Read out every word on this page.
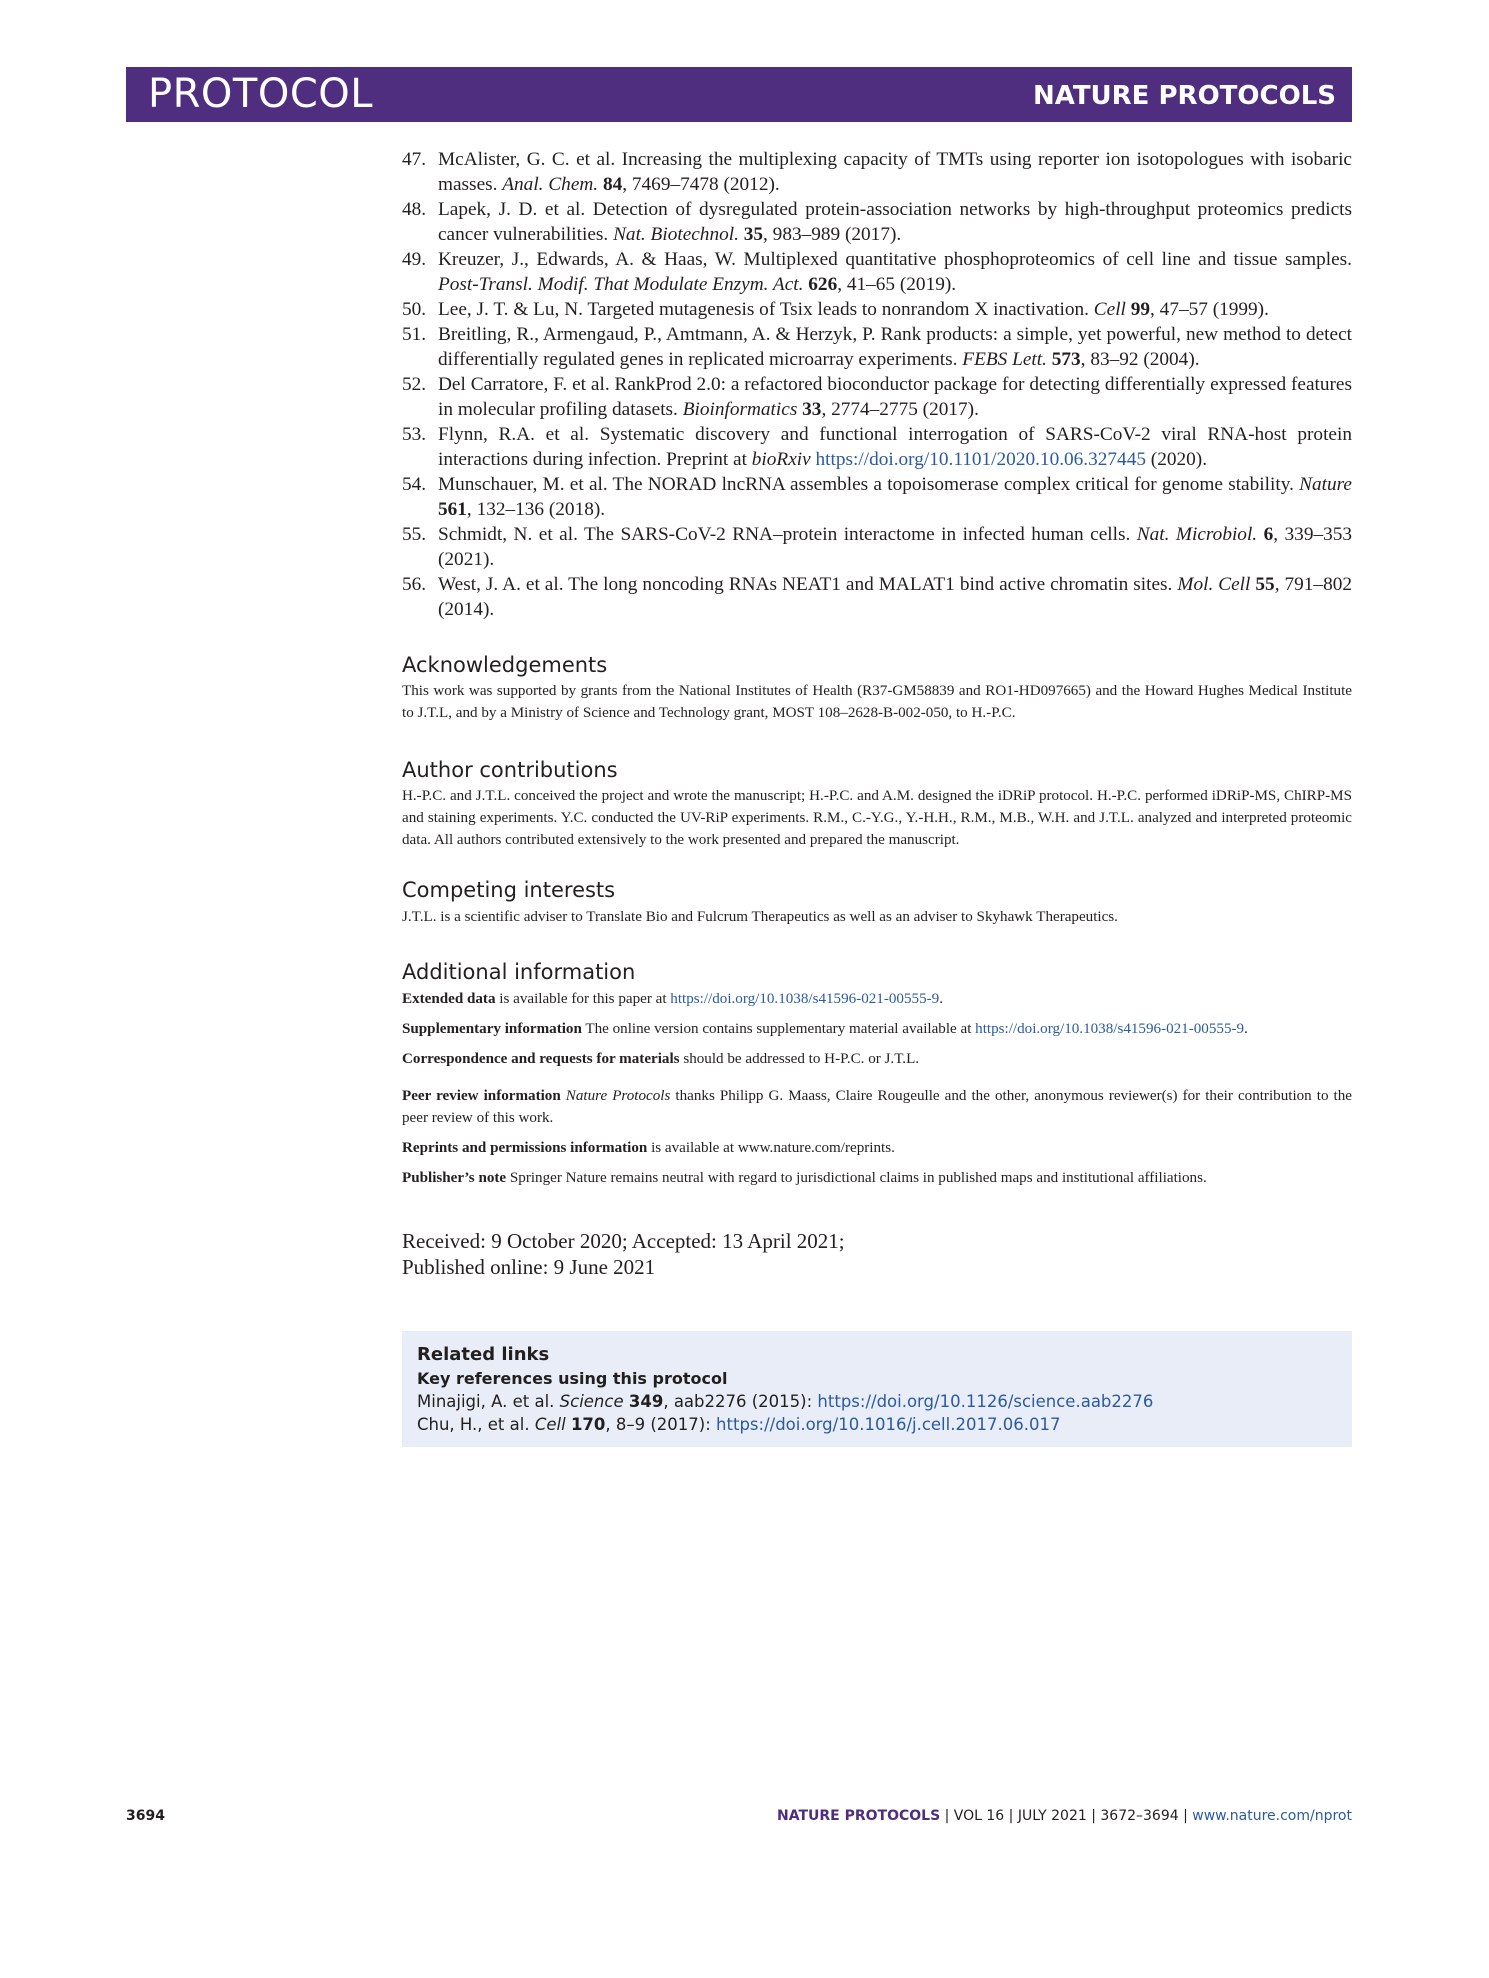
PROTOCOL	NATURE PROTOCOLS
47. McAlister, G. C. et al. Increasing the multiplexing capacity of TMTs using reporter ion isotopologues with isobaric masses. Anal. Chem. 84, 7469–7478 (2012).
48. Lapek, J. D. et al. Detection of dysregulated protein-association networks by high-throughput proteomics predicts cancer vulnerabilities. Nat. Biotechnol. 35, 983–989 (2017).
49. Kreuzer, J., Edwards, A. & Haas, W. Multiplexed quantitative phosphoproteomics of cell line and tissue samples. Post-Transl. Modif. That Modulate Enzym. Act. 626, 41–65 (2019).
50. Lee, J. T. & Lu, N. Targeted mutagenesis of Tsix leads to nonrandom X inactivation. Cell 99, 47–57 (1999).
51. Breitling, R., Armengaud, P., Amtmann, A. & Herzyk, P. Rank products: a simple, yet powerful, new method to detect differentially regulated genes in replicated microarray experiments. FEBS Lett. 573, 83–92 (2004).
52. Del Carratore, F. et al. RankProd 2.0: a refactored bioconductor package for detecting differentially expressed features in molecular profiling datasets. Bioinformatics 33, 2774–2775 (2017).
53. Flynn, R.A. et al. Systematic discovery and functional interrogation of SARS-CoV-2 viral RNA-host protein interactions during infection. Preprint at bioRxiv https://doi.org/10.1101/2020.10.06.327445 (2020).
54. Munschauer, M. et al. The NORAD lncRNA assembles a topoisomerase complex critical for genome stability. Nature 561, 132–136 (2018).
55. Schmidt, N. et al. The SARS-CoV-2 RNA–protein interactome in infected human cells. Nat. Microbiol. 6, 339–353 (2021).
56. West, J. A. et al. The long noncoding RNAs NEAT1 and MALAT1 bind active chromatin sites. Mol. Cell 55, 791–802 (2014).
Acknowledgements

This work was supported by grants from the National Institutes of Health (R37-GM58839 and RO1-HD097665) and the Howard Hughes Medical Institute to J.T.L, and by a Ministry of Science and Technology grant, MOST 108–2628-B-002-050, to H.-P.C.

Author contributions

H.-P.C. and J.T.L. conceived the project and wrote the manuscript; H.-P.C. and A.M. designed the iDRiP protocol. H.-P.C. performed iDRiP-MS, ChIRP-MS and staining experiments. Y.C. conducted the UV-RiP experiments. R.M., C.-Y.G., Y.-H.H., R.M., M.B., W.H. and J.T.L. analyzed and interpreted proteomic data. All authors contributed extensively to the work presented and prepared the manuscript.

Competing interests

J.T.L. is a scientific adviser to Translate Bio and Fulcrum Therapeutics as well as an adviser to Skyhawk Therapeutics.

Additional information

Extended data is available for this paper at https://doi.org/10.1038/s41596-021-00555-9.

Supplementary information The online version contains supplementary material available at https://doi.org/10.1038/s41596-021-00555-9.

Correspondence and requests for materials should be addressed to H-P.C. or J.T.L.

Peer review information Nature Protocols thanks Philipp G. Maass, Claire Rougeulle and the other, anonymous reviewer(s) for their contribution to the peer review of this work.

Reprints and permissions information is available at www.nature.com/reprints.

Publisher’s note Springer Nature remains neutral with regard to jurisdictional claims in published maps and institutional affiliations.

Received: 9 October 2020; Accepted: 13 April 2021;
Published online: 9 June 2021
Related links
Key references using this protocol
Minajigi, A. et al. Science 349, aab2276 (2015): https://doi.org/10.1126/science.aab2276
Chu, H., et al. Cell 170, 8–9 (2017): https://doi.org/10.1016/j.cell.2017.06.017
3694	NATURE PROTOCOLS | VOL 16 | JULY 2021 | 3672–3694 | www.nature.com/nprot
